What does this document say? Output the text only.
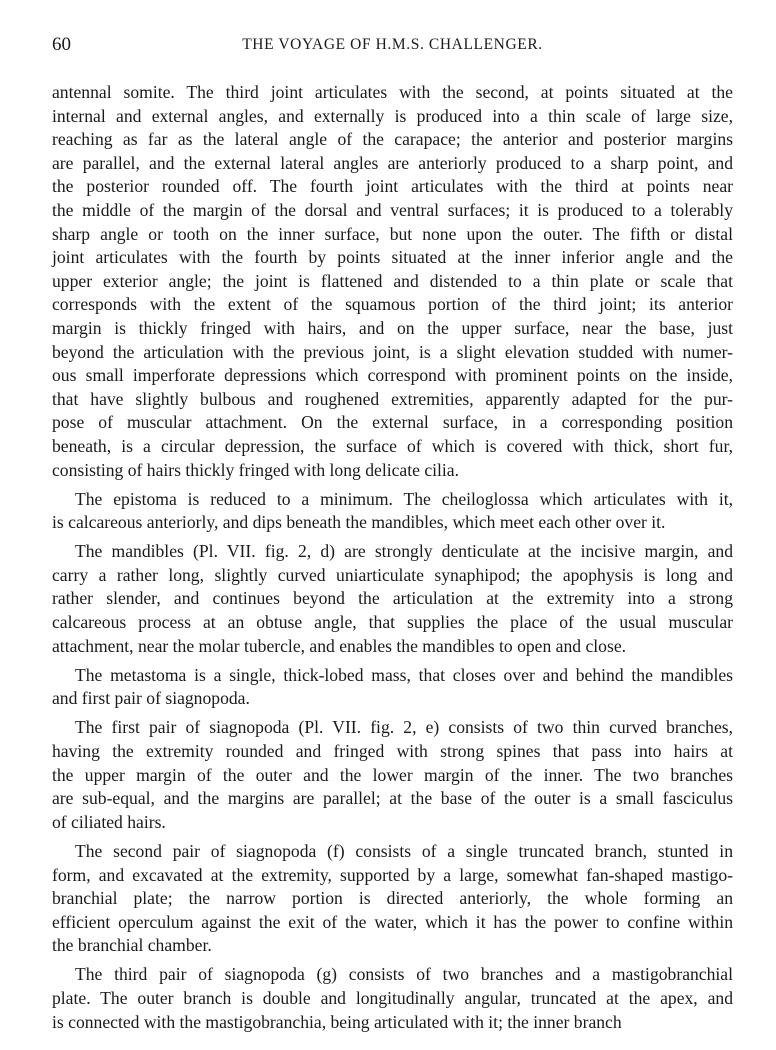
60	THE VOYAGE OF H.M.S. CHALLENGER.
antennal somite. The third joint articulates with the second, at points situated at the
internal and external angles, and externally is produced into a thin scale of large size,
reaching as far as the lateral angle of the carapace; the anterior and posterior margins
are parallel, and the external lateral angles are anteriorly produced to a sharp point, and
the posterior rounded off. The fourth joint articulates with the third at points near
the middle of the margin of the dorsal and ventral surfaces; it is produced to a tolerably
sharp angle or tooth on the inner surface, but none upon the outer. The fifth or distal
joint articulates with the fourth by points situated at the inner inferior angle and the
upper exterior angle; the joint is flattened and distended to a thin plate or scale that
corresponds with the extent of the squamous portion of the third joint; its anterior
margin is thickly fringed with hairs, and on the upper surface, near the base, just
beyond the articulation with the previous joint, is a slight elevation studded with numer-
ous small imperforate depressions which correspond with prominent points on the inside,
that have slightly bulbous and roughened extremities, apparently adapted for the pur-
pose of muscular attachment. On the external surface, in a corresponding position
beneath, is a circular depression, the surface of which is covered with thick, short fur,
consisting of hairs thickly fringed with long delicate cilia.
The epistoma is reduced to a minimum. The cheiloglossa which articulates with it,
is calcareous anteriorly, and dips beneath the mandibles, which meet each other over it.
The mandibles (Pl. VII. fig. 2, d) are strongly denticulate at the incisive margin, and
carry a rather long, slightly curved uniarticulate synaphipod; the apophysis is long and
rather slender, and continues beyond the articulation at the extremity into a strong
calcareous process at an obtuse angle, that supplies the place of the usual muscular
attachment, near the molar tubercle, and enables the mandibles to open and close.
The metastoma is a single, thick-lobed mass, that closes over and behind the mandibles
and first pair of siagnopoda.
The first pair of siagnopoda (Pl. VII. fig. 2, e) consists of two thin curved branches,
having the extremity rounded and fringed with strong spines that pass into hairs at
the upper margin of the outer and the lower margin of the inner. The two branches
are sub-equal, and the margins are parallel; at the base of the outer is a small fasciculus
of ciliated hairs.
The second pair of siagnopoda (f) consists of a single truncated branch, stunted in
form, and excavated at the extremity, supported by a large, somewhat fan-shaped mastigo-
branchial plate; the narrow portion is directed anteriorly, the whole forming an
efficient operculum against the exit of the water, which it has the power to confine within
the branchial chamber.
The third pair of siagnopoda (g) consists of two branches and a mastigobranchial
plate. The outer branch is double and longitudinally angular, truncated at the apex, and
is connected with the mastigobranchia, being articulated with it; the inner branch
